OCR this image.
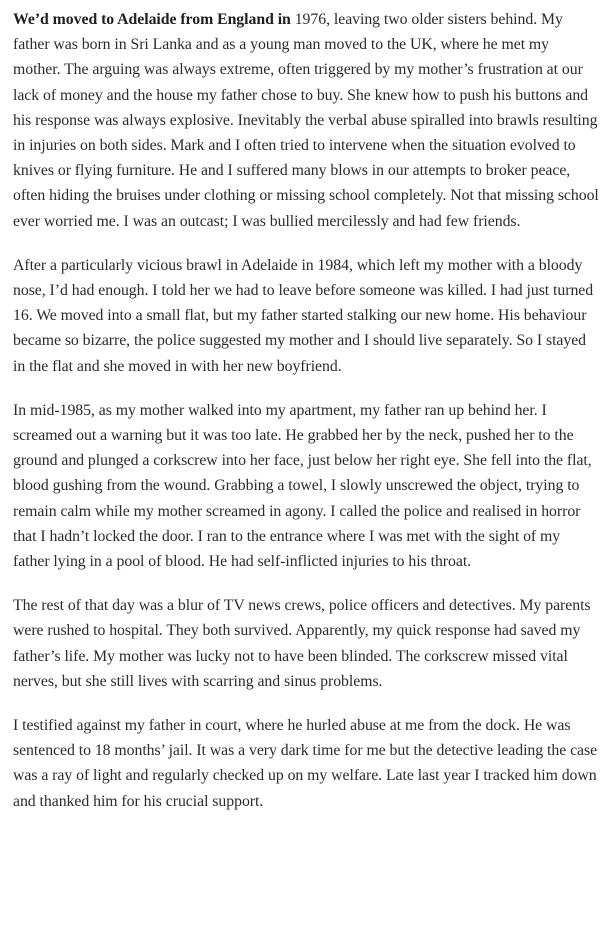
We’d moved to Adelaide from England in 1976, leaving two older sisters behind. My father was born in Sri Lanka and as a young man moved to the UK, where he met my mother. The arguing was always extreme, often triggered by my mother’s frustration at our lack of money and the house my father chose to buy. She knew how to push his buttons and his response was always explosive. Inevitably the verbal abuse spiralled into brawls resulting in injuries on both sides. Mark and I often tried to intervene when the situation evolved to knives or flying furniture. He and I suffered many blows in our attempts to broker peace, often hiding the bruises under clothing or missing school completely. Not that missing school ever worried me. I was an outcast; I was bullied mercilessly and had few friends.

After a particularly vicious brawl in Adelaide in 1984, which left my mother with a bloody nose, I’d had enough. I told her we had to leave before someone was killed. I had just turned 16. We moved into a small flat, but my father started stalking our new home. His behaviour became so bizarre, the police suggested my mother and I should live separately. So I stayed in the flat and she moved in with her new boyfriend.

In mid-1985, as my mother walked into my apartment, my father ran up behind her. I screamed out a warning but it was too late. He grabbed her by the neck, pushed her to the ground and plunged a corkscrew into her face, just below her right eye. She fell into the flat, blood gushing from the wound. Grabbing a towel, I slowly unscrewed the object, trying to remain calm while my mother screamed in agony. I called the police and realised in horror that I hadn’t locked the door. I ran to the entrance where I was met with the sight of my father lying in a pool of blood. He had self-inflicted injuries to his throat.

The rest of that day was a blur of TV news crews, police officers and detectives. My parents were rushed to hospital. They both survived. Apparently, my quick response had saved my father’s life. My mother was lucky not to have been blinded. The corkscrew missed vital nerves, but she still lives with scarring and sinus problems.

I testified against my father in court, where he hurled abuse at me from the dock. He was sentenced to 18 months’ jail. It was a very dark time for me but the detective leading the case was a ray of light and regularly checked up on my welfare. Late last year I tracked him down and thanked him for his crucial support.
